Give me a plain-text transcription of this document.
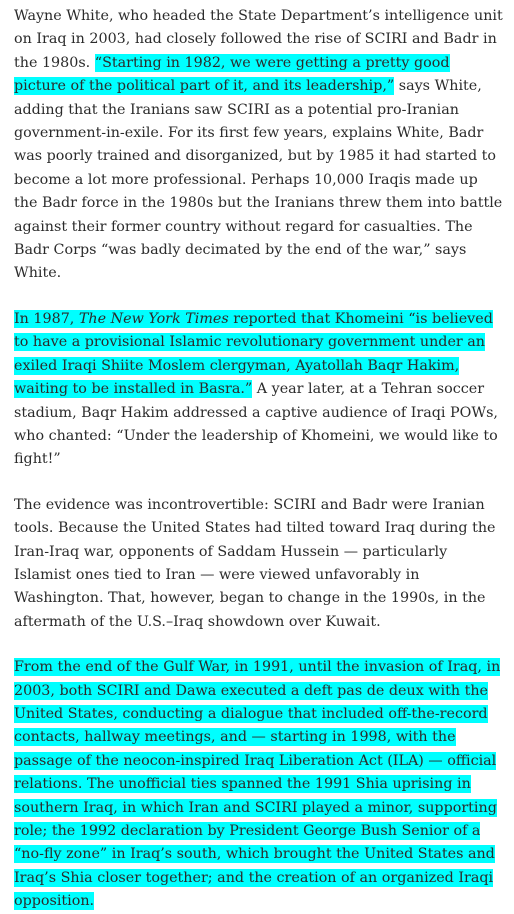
Wayne White, who headed the State Department’s intelligence unit on Iraq in 2003, had closely followed the rise of SCIRI and Badr in the 1980s. “Starting in 1982, we were getting a pretty good picture of the political part of it, and its leadership,” says White, adding that the Iranians saw SCIRI as a potential pro-Iranian government-in-exile. For its first few years, explains White, Badr was poorly trained and disorganized, but by 1985 it had started to become a lot more professional. Perhaps 10,000 Iraqis made up the Badr force in the 1980s but the Iranians threw them into battle against their former country without regard for casualties. The Badr Corps “was badly decimated by the end of the war,” says White.

In 1987, The New York Times reported that Khomeini “is believed to have a provisional Islamic revolutionary government under an exiled Iraqi Shiite Moslem clergyman, Ayatollah Baqr Hakim, waiting to be installed in Basra.” A year later, at a Tehran soccer stadium, Baqr Hakim addressed a captive audience of Iraqi POWs, who chanted: “Under the leadership of Khomeini, we would like to fight!”

The evidence was incontrovertible: SCIRI and Badr were Iranian tools. Because the United States had tilted toward Iraq during the Iran-Iraq war, opponents of Saddam Hussein — particularly Islamist ones tied to Iran — were viewed unfavorably in Washington. That, however, began to change in the 1990s, in the aftermath of the U.S.–Iraq showdown over Kuwait.

From the end of the Gulf War, in 1991, until the invasion of Iraq, in 2003, both SCIRI and Dawa executed a deft pas de deux with the United States, conducting a dialogue that included off-the-record contacts, hallway meetings, and — starting in 1998, with the passage of the neocon-inspired Iraq Liberation Act (ILA) — official relations. The unofficial ties spanned the 1991 Shia uprising in southern Iraq, in which Iran and SCIRI played a minor, supporting role; the 1992 declaration by President George Bush Senior of a “no-fly zone” in Iraq’s south, which brought the United States and Iraq’s Shia closer together; and the creation of an organized Iraqi opposition.
